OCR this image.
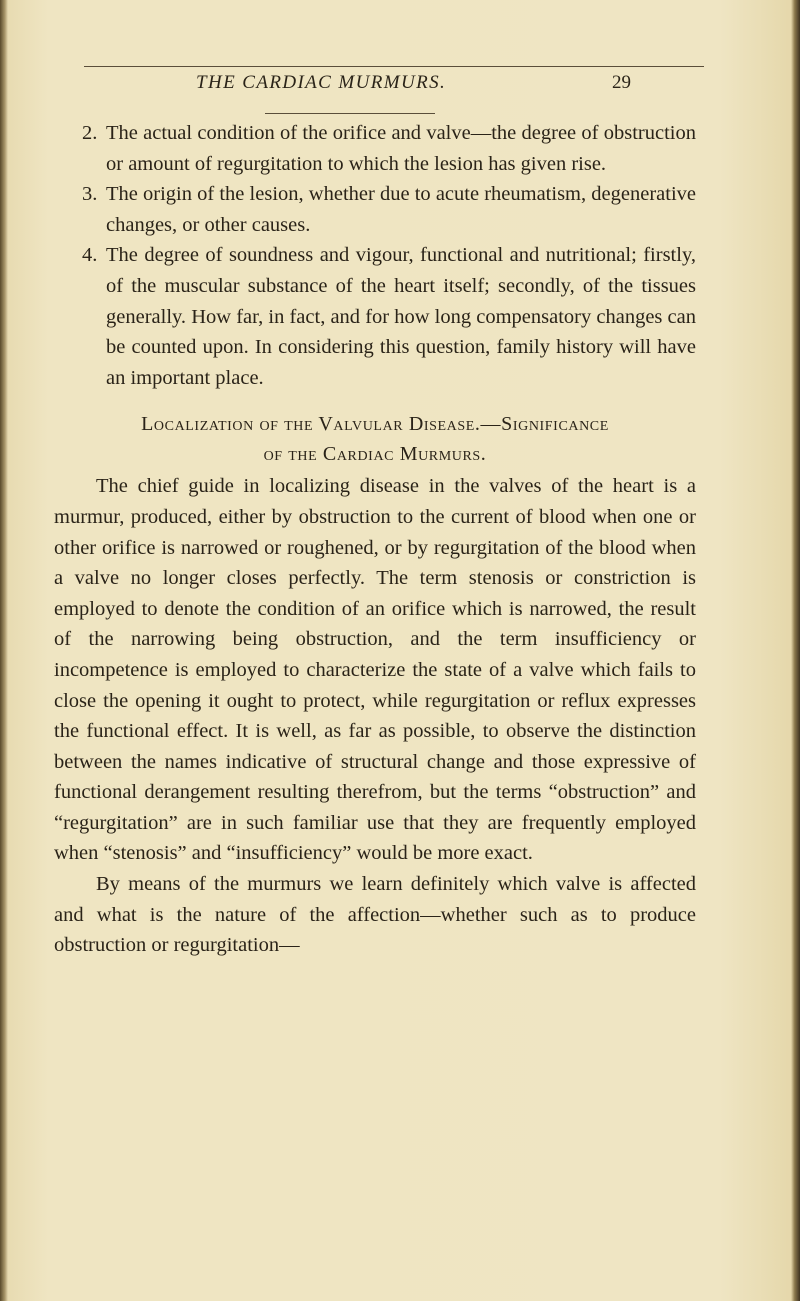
THE CARDIAC MURMURS.	29
2. The actual condition of the orifice and valve—the degree of obstruction or amount of regurgitation to which the lesion has given rise.
3. The origin of the lesion, whether due to acute rheumatism, degenerative changes, or other causes.
4. The degree of soundness and vigour, functional and nutritional; firstly, of the muscular substance of the heart itself; secondly, of the tissues generally. How far, in fact, and for how long compensatory changes can be counted upon. In considering this question, family history will have an important place.
Localization of the Valvular Disease.—Significance
of the Cardiac Murmurs.
The chief guide in localizing disease in the valves of the heart is a murmur, produced, either by obstruction to the current of blood when one or other orifice is narrowed or roughened, or by regurgitation of the blood when a valve no longer closes perfectly. The term stenosis or constriction is employed to denote the condition of an orifice which is narrowed, the result of the narrowing being obstruction, and the term insufficiency or incompetence is employed to characterize the state of a valve which fails to close the opening it ought to protect, while regurgitation or reflux expresses the functional effect. It is well, as far as possible, to observe the distinction between the names indicative of structural change and those expressive of functional derangement resulting therefrom, but the terms “obstruction” and “regurgitation” are in such familiar use that they are frequently employed when “stenosis” and “insufficiency” would be more exact.
By means of the murmurs we learn definitely which valve is affected and what is the nature of the affection—whether such as to produce obstruction or regurgitation—
